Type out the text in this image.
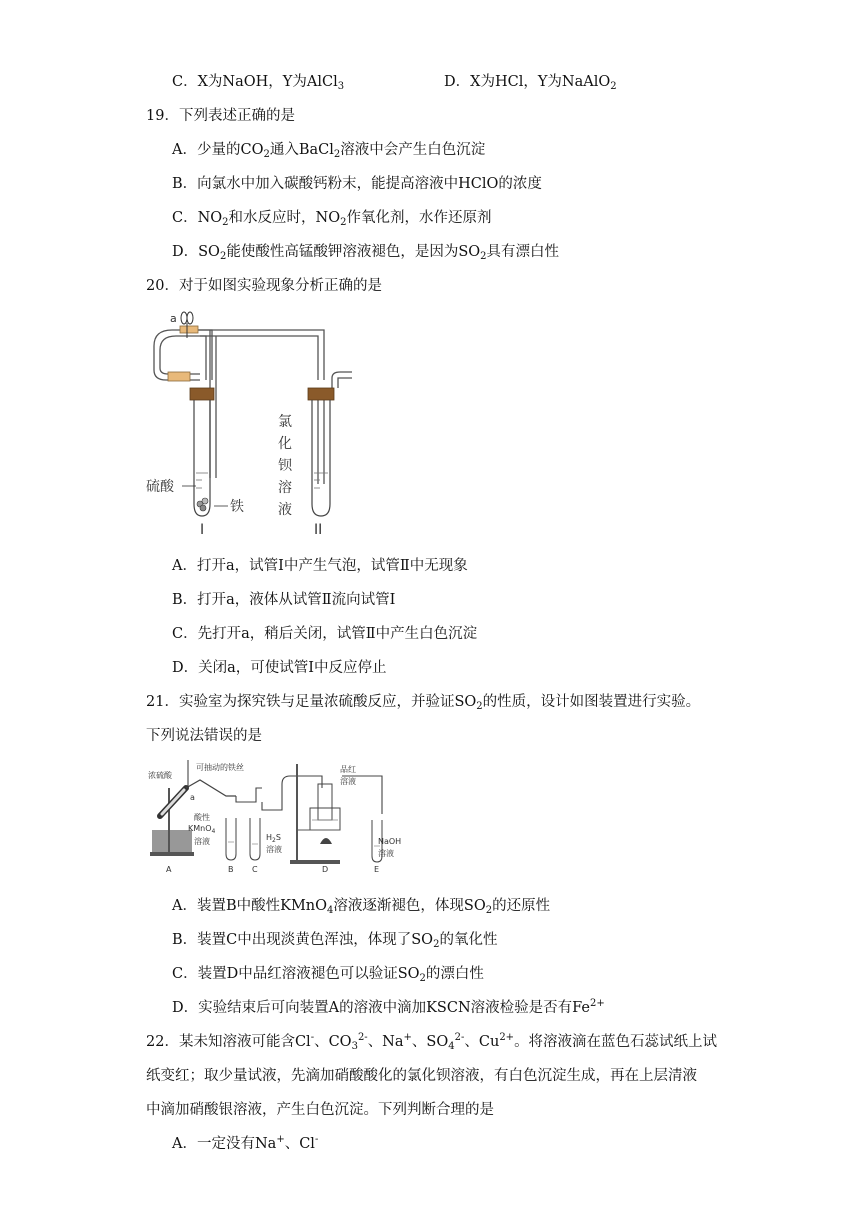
C．X为NaOH，Y为AlCl$_3$	D．X为HCl，Y为NaAlO$_2$
19．下列表述正确的是
A．少量的$CO_2$通入BaCl$_2$溶液中会产生白色沉淀
B．向氯水中加入碳酸钙粉末，能提高溶液中HClO的浓度
C．$NO_2$和水反应时，$NO_2$作氧化剂，水作还原剂
D．$SO_2$能使酸性高锰酸钾溶液褪色，是因为$SO_2$具有漂白性
20．对于如图实验现象分析正确的是
a
硫酸
铁
氯
化
钡
溶
液
I	II
A．打开a，试管Ⅰ中产生气泡，试管Ⅱ中无现象
B．打开a，液体从试管Ⅱ流向试管Ⅰ
C．先打开a，稍后关闭，试管Ⅱ中产生白色沉淀
D．关闭a，可使试管Ⅰ中反应停止
21．实验室为探究铁与足量浓硫酸反应，并验证$SO_2$的性质，设计如图装置进行实验。
下列说法错误的是
浓硫酸
可抽动的铁丝
a
酸性
KMnO$_4$
溶液	$H_2S$
溶液
品红
溶液
NaOH
溶液
A	B C	D	E
A．装置B中酸性KMnO$_4$溶液逐渐褪色，体现$SO_2$的还原性
B．装置C中出现淡黄色浑浊，体现了$SO_2$的氧化性
C．装置D中品红溶液褪色可以验证$SO_2$的漂白性
D．实验结束后可向装置A的溶液中滴加KSCN溶液检验是否有$Fe^{2+}$
22．某未知溶液可能含Cl-、$CO_3^{2-}$、Na+、$SO_4^{2-}$、$Cu^{2+}$。将溶液滴在蓝色石蕊试纸上试
纸变红；取少量试液，先滴加硝酸酸化的氯化钡溶液，有白色沉淀生成，再在上层清液
中滴加硝酸银溶液，产生白色沉淀。下列判断合理的是
A．一定没有Na+、Cl-
